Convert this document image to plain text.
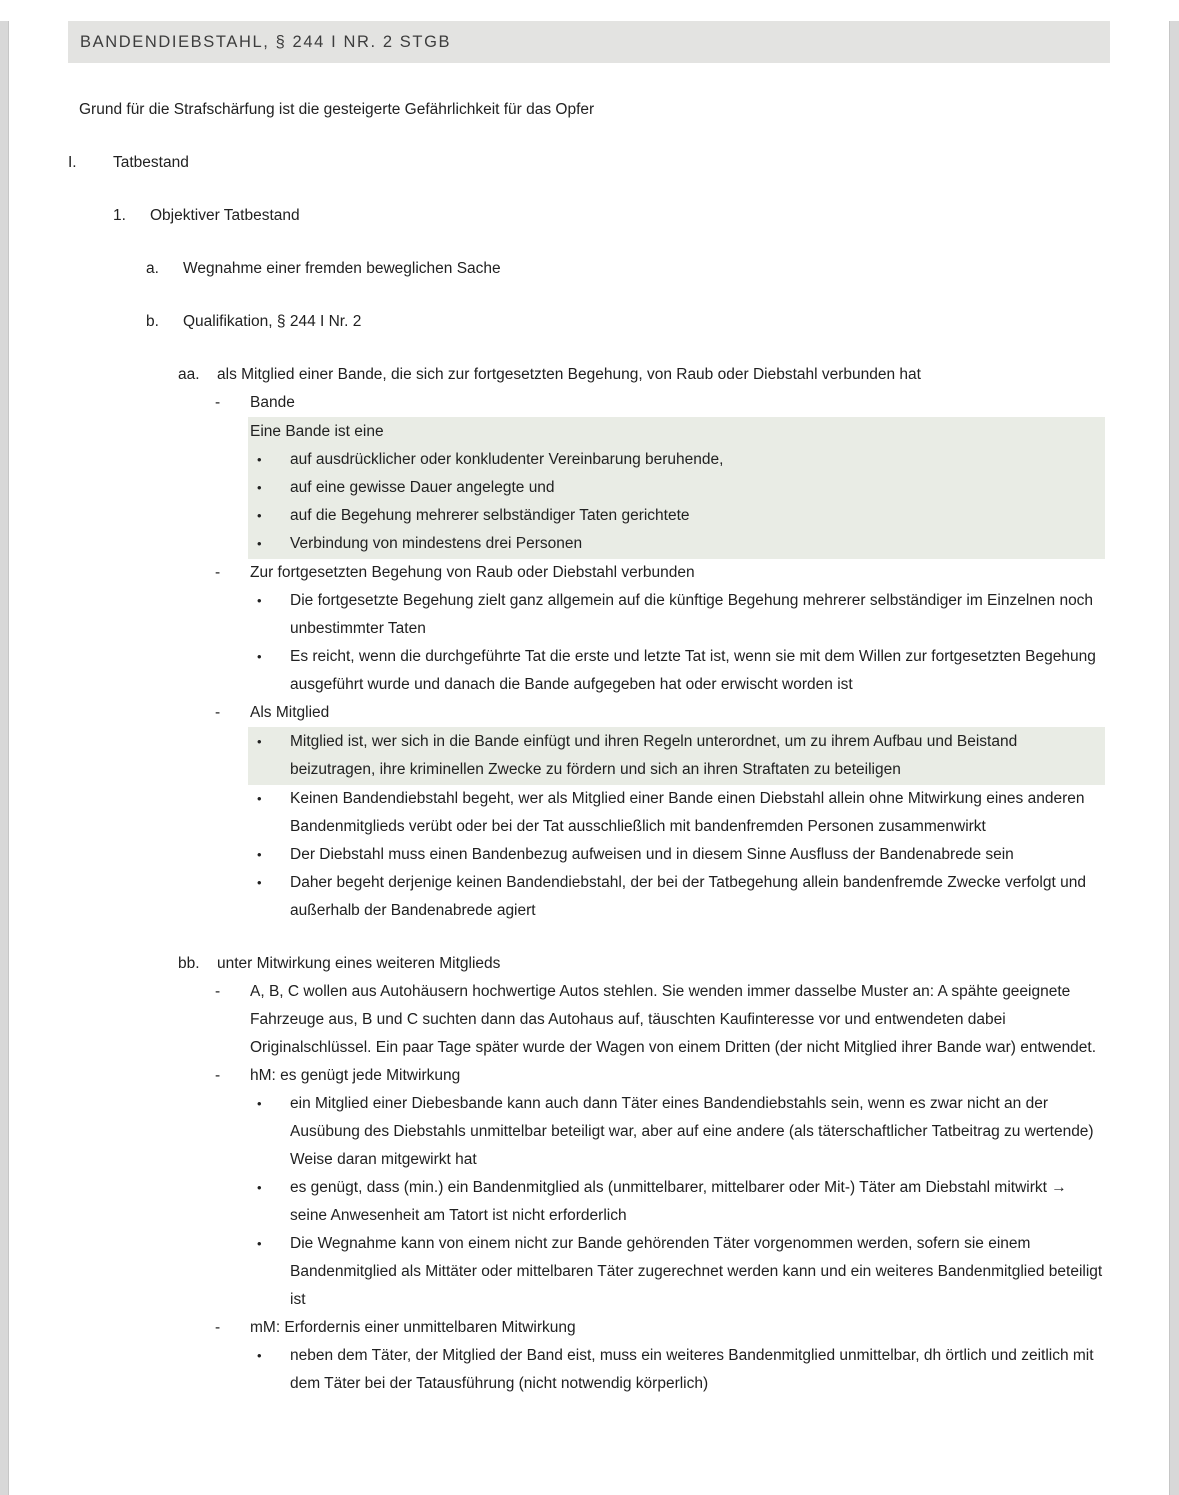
BANDENDIEBSTAHL, § 244 I NR. 2 STGB
Grund für die Strafschärfung ist die gesteigerte Gefährlichkeit für das Opfer
I.	Tatbestand
1.	Objektiver Tatbestand
a.	Wegnahme einer fremden beweglichen Sache
b.	Qualifikation, § 244 I Nr. 2
aa.	als Mitglied einer Bande, die sich zur fortgesetzten Begehung, von Raub oder Diebstahl verbunden hat
-	Bande
Eine Bande ist eine
•	auf ausdrücklicher oder konkludenter Vereinbarung beruhende,
•	auf eine gewisse Dauer angelegte und
•	auf die Begehung mehrerer selbständiger Taten gerichtete
•	Verbindung von mindestens drei Personen
-	Zur fortgesetzten Begehung von Raub oder Diebstahl verbunden
•	Die fortgesetzte Begehung zielt ganz allgemein auf die künftige Begehung mehrerer selbständiger im Einzelnen noch unbestimmter Taten
•	Es reicht, wenn die durchgeführte Tat die erste und letzte Tat ist, wenn sie mit dem Willen zur fortgesetzten Begehung ausgeführt wurde und danach die Bande aufgegeben hat oder erwischt worden ist
-	Als Mitglied
•	Mitglied ist, wer sich in die Bande einfügt und ihren Regeln unterordnet, um zu ihrem Aufbau und Beistand beizutragen, ihre kriminellen Zwecke zu fördern und sich an ihren Straftaten zu beteiligen
•	Keinen Bandendiebstahl begeht, wer als Mitglied einer Bande einen Diebstahl allein ohne Mitwirkung eines anderen Bandenmitglieds verübt oder bei der Tat ausschließlich mit bandenfremden Personen zusammenwirkt
•	Der Diebstahl muss einen Bandenbezug aufweisen und in diesem Sinne Ausfluss der Bandenabrede sein
•	Daher begeht derjenige keinen Bandendiebstahl, der bei der Tatbegehung allein bandenfremde Zwecke verfolgt und außerhalb der Bandenabrede agiert
bb.	unter Mitwirkung eines weiteren Mitglieds
-	A, B, C wollen aus Autohäusern hochwertige Autos stehlen. Sie wenden immer dasselbe Muster an: A spähte geeignete Fahrzeuge aus, B und C suchten dann das Autohaus auf, täuschten Kaufinteresse vor und entwendeten dabei Originalschlüssel. Ein paar Tage später wurde der Wagen von einem Dritten (der nicht Mitglied ihrer Bande war) entwendet.
-	hM: es genügt jede Mitwirkung
•	ein Mitglied einer Diebesbande kann auch dann Täter eines Bandendiebstahls sein, wenn es zwar nicht an der Ausübung des Diebstahls unmittelbar beteiligt war, aber auf eine andere (als täterschaftlicher Tatbeitrag zu wertende) Weise daran mitgewirkt hat
•	es genügt, dass (min.) ein Bandenmitglied als (unmittelbarer, mittelbarer oder Mit-) Täter am Diebstahl mitwirkt → seine Anwesenheit am Tatort ist nicht erforderlich
•	Die Wegnahme kann von einem nicht zur Bande gehörenden Täter vorgenommen werden, sofern sie einem Bandenmitglied als Mittäter oder mittelbaren Täter zugerechnet werden kann und ein weiteres Bandenmitglied beteiligt ist
-	mM: Erfordernis einer unmittelbaren Mitwirkung
•	neben dem Täter, der Mitglied der Band eist, muss ein weiteres Bandenmitglied unmittelbar, dh örtlich und zeitlich mit dem Täter bei der Tatausführung (nicht notwendig körperlich)
